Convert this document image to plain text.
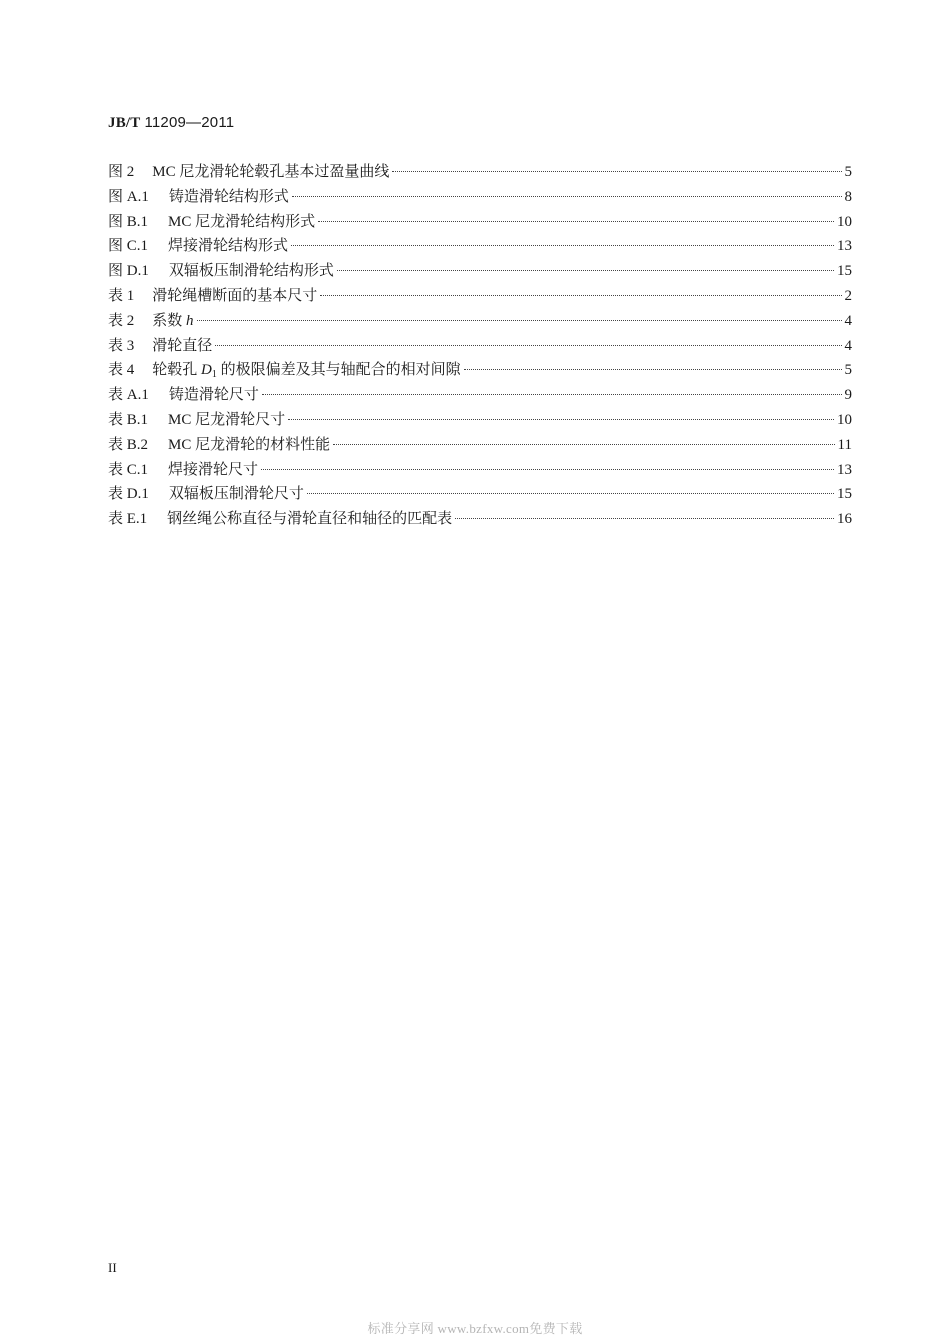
JB/T 11209—2011
图 2 MC 尼龙滑轮轮毂孔基本过盈量曲线	5
图 A.1 铸造滑轮结构形式	8
图 B.1 MC 尼龙滑轮结构形式	10
图 C.1 焊接滑轮结构形式	13
图 D.1 双辐板压制滑轮结构形式	15
表 1 滑轮绳槽断面的基本尺寸	2
表 2 系数 h	4
表 3 滑轮直径	4
表 4 轮毂孔 $D_1$ 的极限偏差及其与轴配合的相对间隙	5
表 A.1 铸造滑轮尺寸	9
表 B.1 MC 尼龙滑轮尺寸	10
表 B.2 MC 尼龙滑轮的材料性能	11
表 C.1 焊接滑轮尺寸	13
表 D.1 双辐板压制滑轮尺寸	15
表 E.1 钢丝绳公称直径与滑轮直径和轴径的匹配表	16
II
标准分享网 www.bzfxw.com免费下载
